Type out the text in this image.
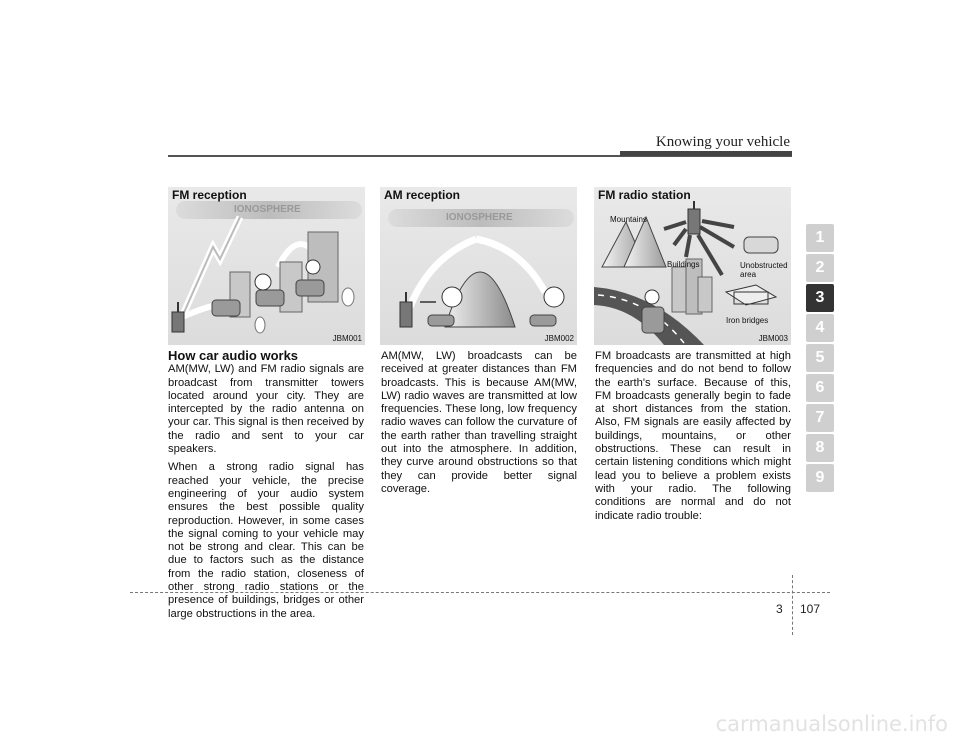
Knowing your vehicle
FM reception
IONOSPHERE
JBM001
AM reception
IONOSPHERE
JBM002
FM radio station
Mountains
Buildings	Unobstructed area
Iron bridges
JBM003
How car audio works

AM(MW, LW) and FM radio signals are broadcast from transmitter towers located around your city. They are intercepted by the radio antenna on your car. This signal is then received by the radio and sent to your car speakers.

When a strong radio signal has reached your vehicle, the precise engineering of your audio system ensures the best possible quality reproduction. However, in some cases the signal coming to your vehicle may not be strong and clear. This can be due to factors such as the distance from the radio station, closeness of other strong radio stations or the presence of buildings, bridges or other large obstructions in the area.

AM(MW, LW) broadcasts can be received at greater distances than FM broadcasts. This is because AM(MW, LW) radio waves are transmitted at low frequencies. These long, low frequency radio waves can follow the curvature of the earth rather than travelling straight out into the atmosphere. In addition, they curve around obstructions so that they can provide better signal coverage.

FM broadcasts are transmitted at high frequencies and do not bend to follow the earth's surface. Because of this, FM broadcasts generally begin to fade at short distances from the station. Also, FM signals are easily affected by buildings, mountains, or other obstructions. These can result in certain listening conditions which might lead you to believe a problem exists with your radio. The following conditions are normal and do not indicate radio trouble:

1
2
3
4
5
6
7
8
9
3 107
carmanualsonline.info
